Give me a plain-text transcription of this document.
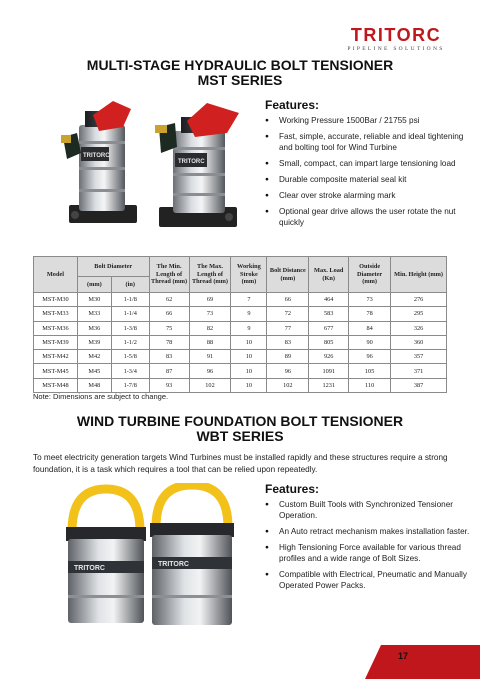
TRITORC
PIPELINE SOLUTIONS
MULTI-STAGE HYDRAULIC BOLT TENSIONER
MST SERIES
TRITORC
TRITORC
Features:
● Working Pressure 1500Bar / 21755 psi
● Fast, simple, accurate, reliable and ideal tightening and bolting tool for Wind Turbine
● Small, compact, can impart large tensioning load
● Durable composite material seal kit
● Clear over stroke alarming mark
● Optional gear drive allows the user rotate the nut quickly
Model	Bolt Diameter		The Min. Length of Thread (mm)	The Max. Length of Thread (mm)	Working Stroke (mm)	Bolt Distance (mm)	Max. Load (Kn)	Outside Diameter (mm)	Min. Height (mm)
	(mm)	(in)							
MST-M30	M30	1-1/8	62	69	7	66	464	73	276
MST-M33	M33	1-1/4	66	73	9	72	583	78	295
MST-M36	M36	1-3/8	75	82	9	77	677	84	326
MST-M39	M39	1-1/2	78	88	10	83	805	90	360
MST-M42	M42	1-5/8	83	91	10	89	926	96	357
MST-M45	M45	1-3/4	87	96	10	96	1091	105	371
MST-M48	M48	1-7/8	93	102	10	102	1231	110	387
Note: Dimensions are subject to change.
WIND TURBINE FOUNDATION BOLT TENSIONER
WBT SERIES

To meet electricity generation targets Wind Turbines must be installed rapidly and these structures require a strong foundation, it is a task which requires a tool that can be relied upon repeatedly.

TRITORC
TRITORC
Features:
● Custom Built Tools with Synchronized Tensioner Operation.
● An Auto retract mechanism makes installation faster.
● High Tensioning Force available for various thread profiles and a wide range of Bolt Sizes.
● Compatible with Electrical, Pneumatic and Manually Operated Power Packs.
17
